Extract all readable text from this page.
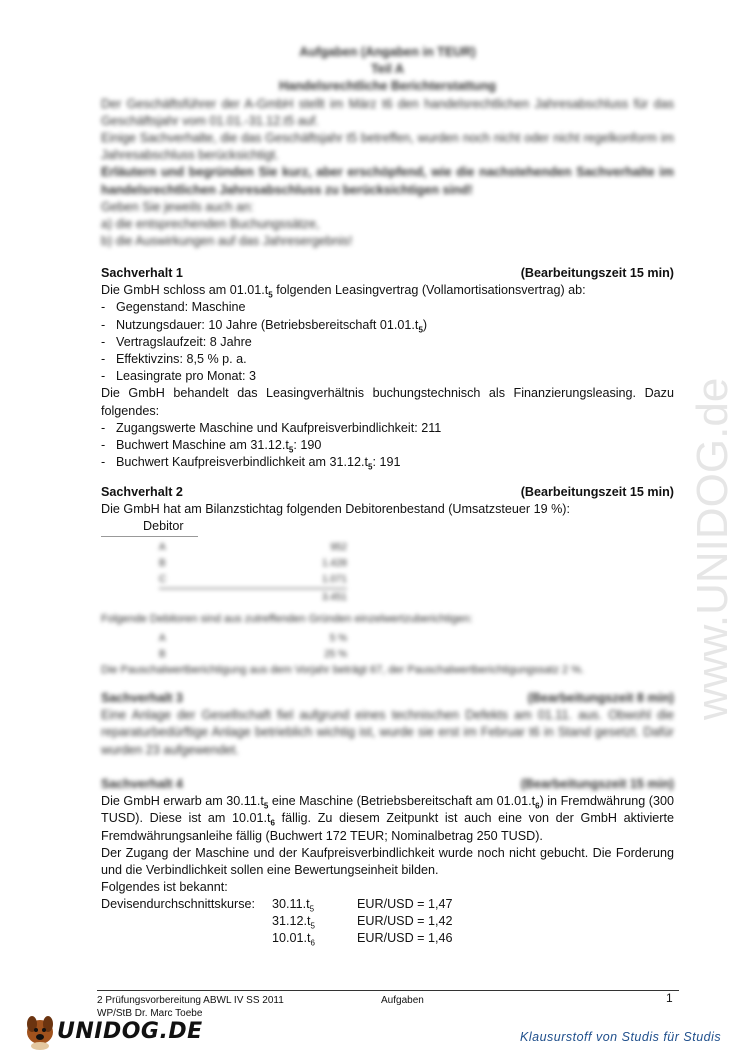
Aufgaben (Angaben in TEUR)
Teil A
Handelsrechtliche Berichterstattung
Der Geschäftsführer der A-GmbH stellt im März t6 den handelsrechtlichen Jahresabschluss für das Geschäftsjahr vom 01.01.-31.12.t5 auf.
Einige Sachverhalte, die das Geschäftsjahr t5 betreffen, wurden noch nicht oder nicht regelkonform im Jahresabschluss berücksichtigt.
Erläutern und begründen Sie kurz, aber erschöpfend, wie die nachstehenden Sachverhalte im handelsrechtlichen Jahresabschluss zu berücksichtigen sind!
Geben Sie jeweils auch an:
a) die entsprechenden Buchungssätze,
b) die Auswirkungen auf das Jahresergebnis!
Sachverhalt 1	(Bearbeitungszeit 15 min)
Die GmbH schloss am $01.01.t_5$ folgenden Leasingvertrag (Vollamortisationsvertrag) ab:
- Gegenstand: Maschine
- Nutzungsdauer: 10 Jahre (Betriebsbereitschaft $01.01.t_5$)
- Vertragslaufzeit: 8 Jahre
- Effektivzins: 8,5 % p. a.
- Leasingrate pro Monat: 3
Die GmbH behandelt das Leasingverhältnis buchungstechnisch als Finanzierungsleasing. Dazu folgendes:
- Zugangswerte Maschine und Kaufpreisverbindlichkeit: 211
- Buchwert Maschine am $31.12.t_5$: 190
- Buchwert Kaufpreisverbindlichkeit am $31.12.t_5$: 191
Sachverhalt 2	(Bearbeitungszeit 15 min)
Die GmbH hat am Bilanzstichtag folgenden Debitorenbestand (Umsatzsteuer 19 %):
Debitor
A	952
B	1.428
C	1.071
3.451
Folgende Debitoren sind aus zutreffenden Gründen einzelwertzuberichtigen:
A	5 %
B	25 %
Die Pauschalwertberichtigung aus dem Vorjahr beträgt 67, der Pauschalwertberichtigungssatz 2 %.
Sachverhalt 3	(Bearbeitungszeit 8 min)
Eine Anlage der Gesellschaft fiel aufgrund eines technischen Defekts am 01.11. aus. Obwohl die reparaturbedürftige Anlage betrieblich wichtig ist, wurde sie erst im Februar t6 in Stand gesetzt. Dafür wurden 23 aufgewendet.
Sachverhalt 4	(Bearbeitungszeit 15 min)
Die GmbH erwarb am $30.11.t_5$ eine Maschine (Betriebsbereitschaft am $01.01.t_6$) in Fremdwährung (300 TUSD). Diese ist am $10.01.t_6$ fällig. Zu diesem Zeitpunkt ist auch eine von der GmbH aktivierte Fremdwährungsanleihe fällig (Buchwert 172 TEUR; Nominalbetrag 250 TUSD).
Der Zugang der Maschine und der Kaufpreisverbindlichkeit wurde noch nicht gebucht. Die Forderung und die Verbindlichkeit sollen eine Bewertungseinheit bilden.
Folgendes ist bekannt:
Devisendurchschnittskurse: $30.11.t_5$	EUR/USD = 1,47
$31.12.t_5$	EUR/USD = 1,42
$10.01.t_6$	EUR/USD = 1,46
www.UNIDOG.de
2 Prüfungsvorbereitung ABWL IV SS 2011
WP/StB Dr. Marc Toebe
Aufgaben	1
UNIDOG.DE	Klausurstoff von Studis für Studis
